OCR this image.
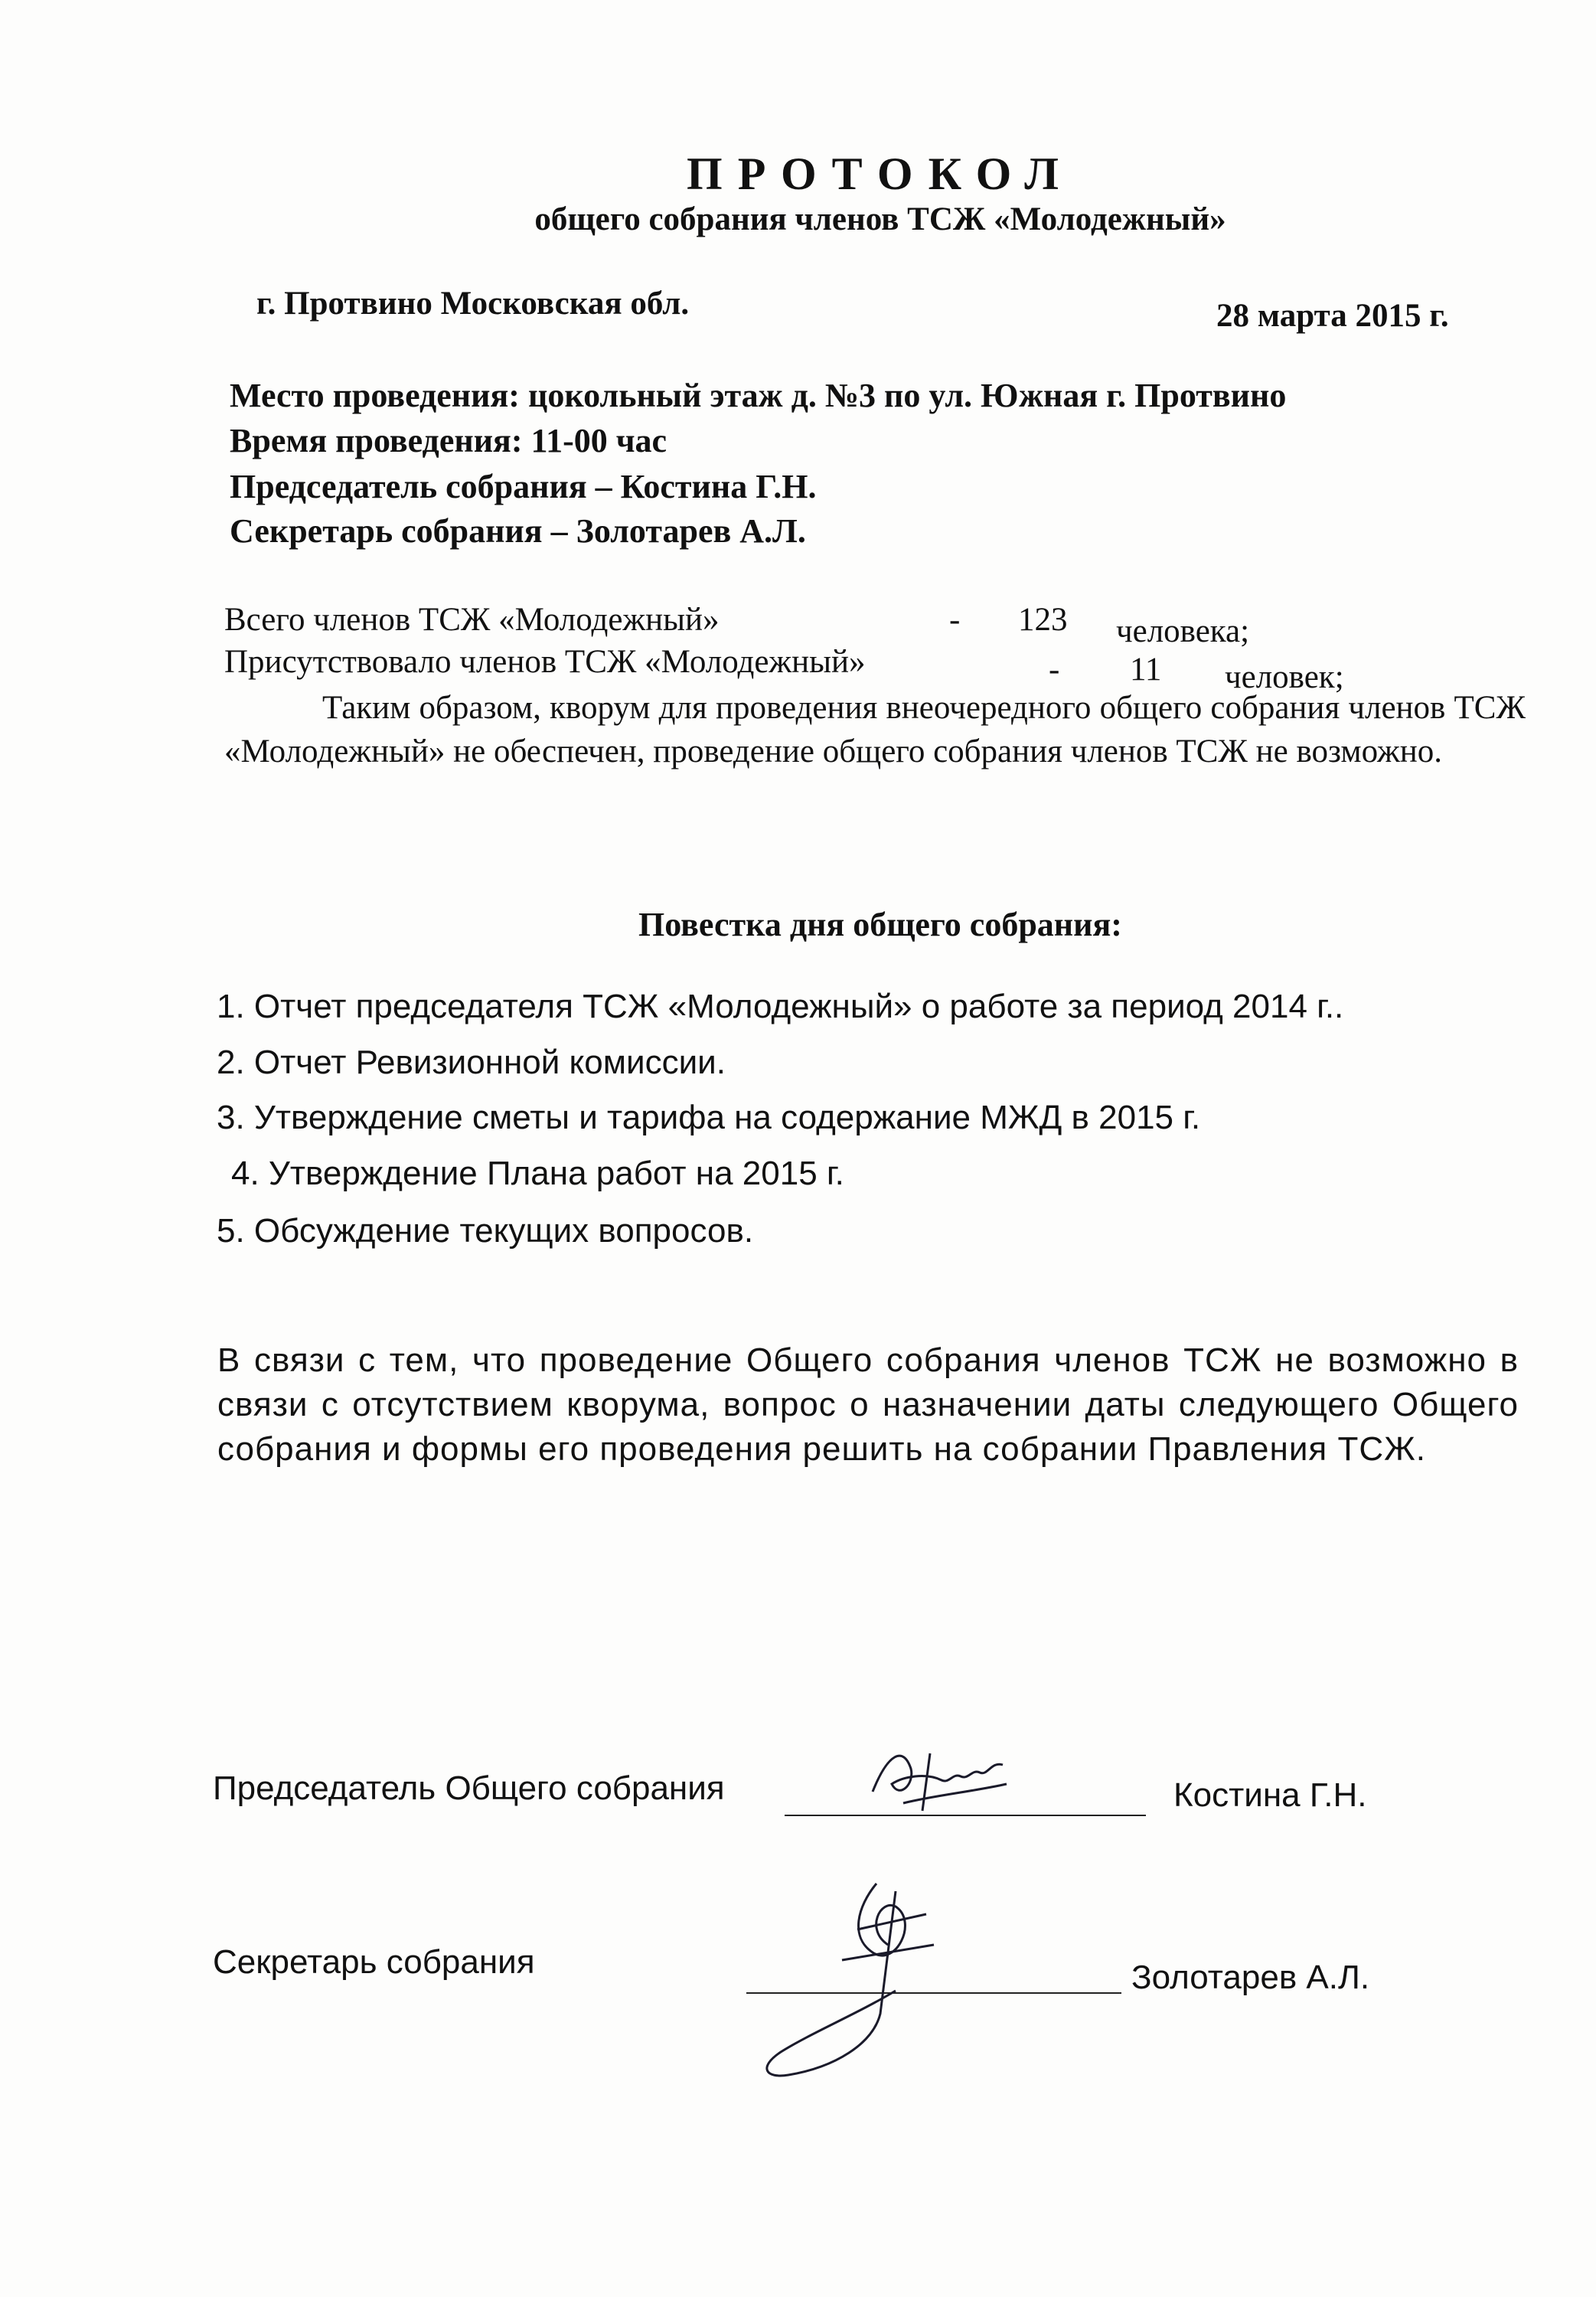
ПРОТОКОЛ
общего собрания членов ТСЖ «Молодежный»
г. Протвино Московская обл.	28 марта 2015 г.
Место проведения: цокольный этаж д. №3 по ул. Южная г. Протвино
Время проведения: 11-00 час
Председатель собрания – Костина Г.Н.
Секретарь собрания – Золотарев А.Л.
Всего членов ТСЖ «Молодежный»	- 123 человека;
Присутствовало членов ТСЖ «Молодежный»	- 11 человек;
Таким образом, кворум для проведения внеочередного общего собрания членов ТСЖ «Молодежный» не обеспечен, проведение общего собрания членов ТСЖ не возможно.
Повестка дня общего собрания:
1. Отчет председателя ТСЖ «Молодежный» о работе за период 2014 г..
2. Отчет Ревизионной комиссии.
3. Утверждение сметы и тарифа на содержание МЖД в 2015 г.
4. Утверждение Плана работ на 2015 г.
5. Обсуждение текущих вопросов.
В связи с тем, что проведение Общего собрания членов ТСЖ не возможно в связи с отсутствием кворума, вопрос о назначении даты следующего Общего собрания и формы его проведения решить на собрании Правления ТСЖ.
Председатель Общего собрания	Костина Г.Н.
Секретарь собрания	Золотарев А.Л.
